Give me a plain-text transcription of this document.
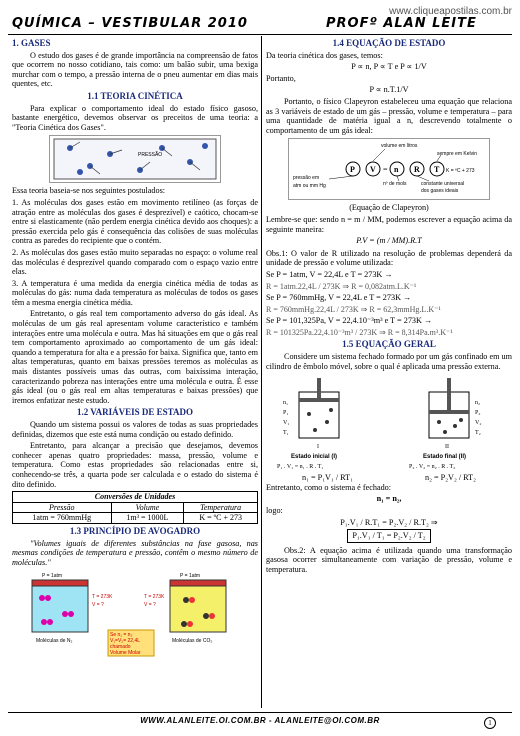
QUÍMICA – VESTIBULAR 2010	PROFº ALAN LEITE
www.cliqueapostilas.com.br
1. GASES

O estudo dos gases é de grande importância na compreensão de fatos que ocorrem no nosso cotidiano, tais como: um balão subir, uma bexiga murchar com o tempo, a pressão interna de o pneu aumentar em dias mais quentes, etc.

1.1 TEORIA CINÉTICA

Para explicar o comportamento ideal do estado físico gasoso, bastante energético, devemos observar os preceitos de uma teoria: a "Teoria Cinética dos Gases".

PRESSÃO

Essa teoria baseia-se nos seguintes postulados:

1. As moléculas dos gases estão em movimento retilíneo (as forças de atração entre as moléculas dos gases é desprezível) e caótico, chocam-se entre si elasticamente (não perdem energia cinética devido aos choques): a pressão exercida pelo gás é consequência das colisões de suas moléculas contra as paredes do recipiente que o contém.

2. As moléculas dos gases estão muito separadas no espaço: o volume real das moléculas é desprezível quando comparado com o espaço vazio entre elas.

3. A temperatura é uma medida da energia cinética média de todas as moléculas do gás: numa dada temperatura as moléculas de todos os gases têm a mesma energia cinética média.

Entretanto, o gás real tem comportamento adverso do gás ideal. As moléculas de um gás real apresentam volume característico e também interações entre uma molécula e outra. Mas há situações em que o gás real tem comportamento aproximado ao comportamento de um gás ideal: quando a temperatura for alta e a pressão for baixa. Significa que, tanto em altas temperaturas, quanto em baixas pressões teremos as moléculas as mais distantes possíveis umas das outras, com baixíssima interação, caracterizando pobreza nas interações entre uma molécula e outra. É esse gás ideal (ou o gás real em altas temperaturas e baixas pressões) que iremos enfatizar neste estudo.

1.2 VARIÁVEIS DE ESTADO

Quando um sistema possui os valores de todas as suas propriedades definidas, dizemos que este está numa condição ou estado definido.

Entretanto, para alcançar a precisão que desejamos, devemos conhecer apenas quatro propriedades: massa, pressão, volume e temperatura. Como estas propriedades são relacionadas entre si, conhecendo-se três, a quarta pode ser calculada e o estado do sistema é dito definido.

Conversões de Unidades		
Pressão	Volume	Temperatura
1atm = 760mmHg	1m³ = 1000L	K = ºC + 273
1.3 PRINCÍPIO DE AVOGADRO

"Volumes iguais de diferentes substâncias na fase gasosa, nas mesmas condições de temperatura e pressão, contêm o mesmo número de moléculas."

P = 1atm	P = 1atm
T = 273K
V = ?
T = 273K
V = ?
Se n₁ = n₂
V₁=V₂= 22,4L
chamado
Volume Molar
Moléculas de N₂	Moléculas de CO₂
1.4 EQUAÇÃO DE ESTADO

Da teoria cinética dos gases, temos:

P ∝ n, P ∝ T e P ∝ 1/V

Portanto,

P ∝ n.T.1/V

Portanto, o físico Clapeyron estabeleceu uma equação que relaciona as 3 variáveis de estado de um gás – pressão, volume e temperatura – para uma quantidade de matéria igual a n, descrevendo totalmente o comportamento de um gás ideal:

P V = n R T
volume em litros
sempre em Kelvin
K = ºC + 273
pressão em
atm ou mm Hg	nº de mols	constante universal
dos gases ideais

(Equação de Clapeyron)

Lembre-se que: sendo n = m / MM, podemos escrever a equação acima da seguinte maneira:

P.V = (m / MM).R.T

Obs.1: O valor de R utilizado na resolução de problemas dependerá da unidade de pressão e volume utilizada:

Se P = 1atm, V = 22,4L e T = 273K →

R = 1atm.22,4L / 273K ⇒ R = 0,082atm.L.K⁻¹

Se P = 760mmHg, V = 22,4L e T = 273K →

R = 760mmHg.22,4L / 273K ⇒ R = 62,3mmHg.L.K⁻¹

Se P = 101,325Pa, V = 22,4.10⁻³m³ e T = 273K →

R = 101325Pa.22,4.10⁻³m³ / 273K ⇒ R = 8,314Pa.m³.K⁻¹

1.5 EQUAÇÃO GERAL

Considere um sistema fechado formado por um gás confinado em um cilindro de êmbolo móvel, sobre o qual é aplicada uma pressão externa.

n₁
P₁
V₁
T₁
n₂
P₂
V₂
T₂
I	II
Estado inicial (I)	Estado final (II)
P₁ . V₁ = n₁ . R . T₁	P₂ . V₂ = n₂ . R . T₂
n₁ = P₁V₁ / RT₁	n₂ = P₂V₂ / RT₂

Entretanto, como o sistema é fechado:

n₁ = n₂,

logo:

P₁.V₁ / R.T₁ = P₂.V₂ / R.T₂ ⇒

P₁.V₁ / T₁ = P₂.V₂ / T₂

Obs.2: A equação acima é utilizada quando uma transformação gasosa ocorrer simultaneamente com variação de pressão, volume e temperatura.

WWW.ALANLEITE.OI.COM.BR - ALANLEITE@OI.COM.BR	1
